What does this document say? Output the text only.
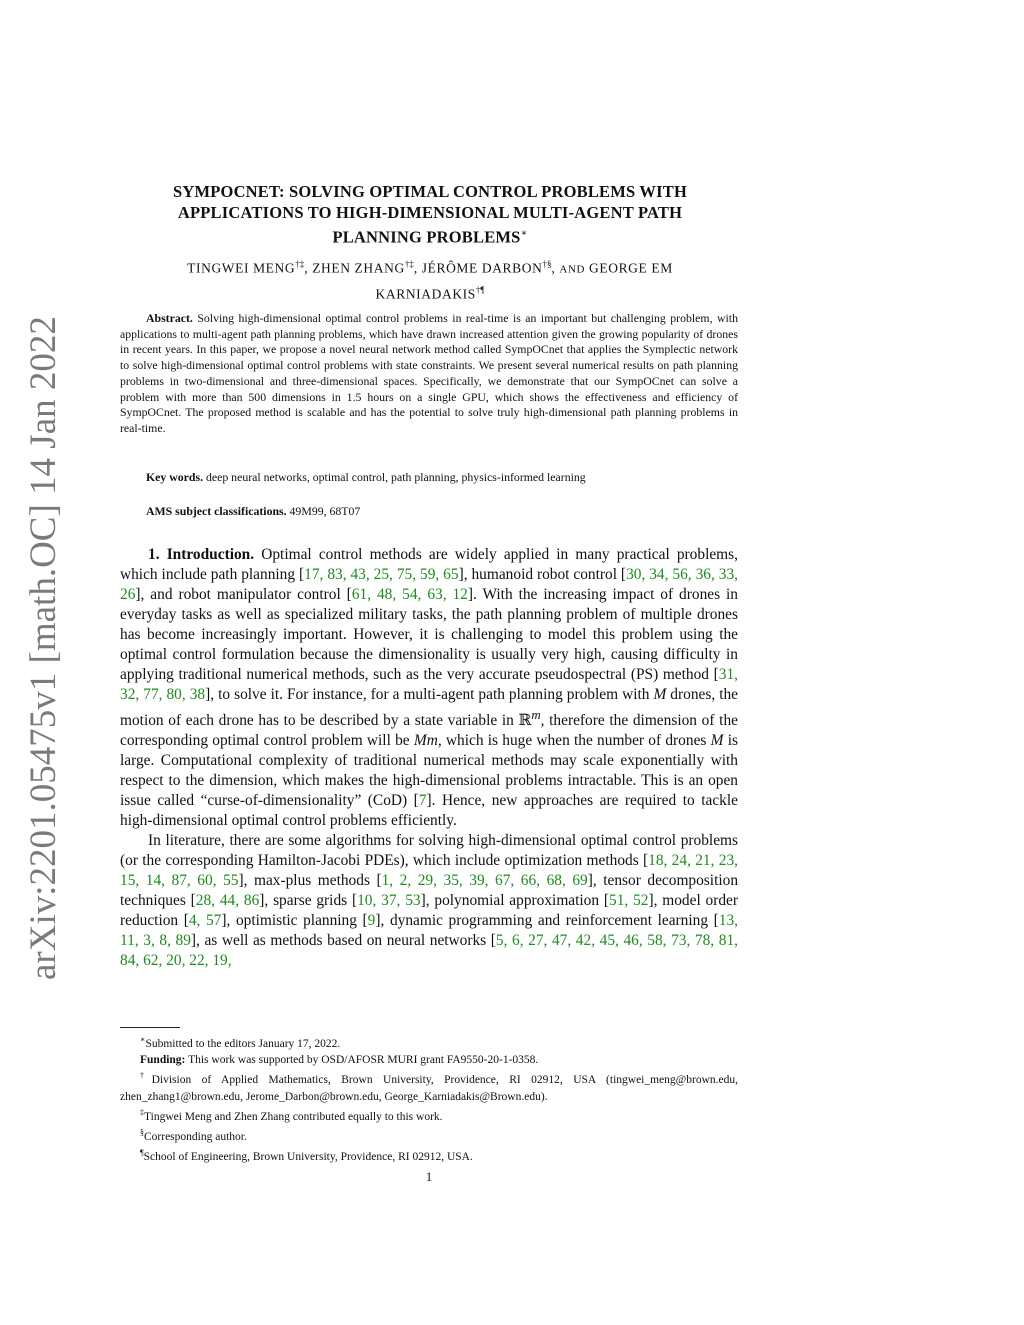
arXiv:2201.05475v1 [math.OC] 14 Jan 2022
SYMPOCNET: SOLVING OPTIMAL CONTROL PROBLEMS WITH
APPLICATIONS TO HIGH-DIMENSIONAL MULTI-AGENT PATH
PLANNING PROBLEMS∗
TINGWEI MENG†‡, ZHEN ZHANG†‡, JÉRÔME DARBON†§, AND GEORGE EM
KARNIADAKIS†¶
Abstract. Solving high-dimensional optimal control problems in real-time is an important but challenging problem, with applications to multi-agent path planning problems, which have drawn increased attention given the growing popularity of drones in recent years. In this paper, we propose a novel neural network method called SympOCnet that applies the Symplectic network to solve high-dimensional optimal control problems with state constraints. We present several numerical results on path planning problems in two-dimensional and three-dimensional spaces. Specifically, we demonstrate that our SympOCnet can solve a problem with more than 500 dimensions in 1.5 hours on a single GPU, which shows the effectiveness and efficiency of SympOCnet. The proposed method is scalable and has the potential to solve truly high-dimensional path planning problems in real-time.
Key words. deep neural networks, optimal control, path planning, physics-informed learning
AMS subject classifications. 49M99, 68T07

1. Introduction. Optimal control methods are widely applied in many practical problems, which include path planning [17, 83, 43, 25, 75, 59, 65], humanoid robot control [30, 34, 56, 36, 33, 26], and robot manipulator control [61, 48, 54, 63, 12]. With the increasing impact of drones in everyday tasks as well as specialized military tasks, the path planning problem of multiple drones has become increasingly important. However, it is challenging to model this problem using the optimal control formulation because the dimensionality is usually very high, causing difficulty in applying traditional numerical methods, such as the very accurate pseudospectral (PS) method [31, 32, 77, 80, 38], to solve it. For instance, for a multi-agent path planning problem with M drones, the motion of each drone has to be described by a state variable in ℝ$^m$, therefore the dimension of the corresponding optimal control problem will be Mm, which is huge when the number of drones M is large. Computational complexity of traditional numerical methods may scale exponentially with respect to the dimension, which makes the high-dimensional problems intractable. This is an open issue called “curse-of-dimensionality” (CoD) [7]. Hence, new approaches are required to tackle high-dimensional optimal control problems efficiently.

In literature, there are some algorithms for solving high-dimensional optimal control problems (or the corresponding Hamilton-Jacobi PDEs), which include optimization methods [18, 24, 21, 23, 15, 14, 87, 60, 55], max-plus methods [1, 2, 29, 35, 39, 67, 66, 68, 69], tensor decomposition techniques [28, 44, 86], sparse grids [10, 37, 53], polynomial approximation [51, 52], model order reduction [4, 57], optimistic planning [9], dynamic programming and reinforcement learning [13, 11, 3, 8, 89], as well as methods based on neural networks [5, 6, 27, 47, 42, 45, 46, 58, 73, 78, 81, 84, 62, 20, 22, 19,

∗Submitted to the editors January 17, 2022.

Funding: This work was supported by OSD/AFOSR MURI grant FA9550-20-1-0358.

†Division of Applied Mathematics, Brown University, Providence, RI 02912, USA (tingwei_meng@brown.edu, zhen_zhang1@brown.edu, Jerome_Darbon@brown.edu, George_Karniadakis@Brown.edu).

‡Tingwei Meng and Zhen Zhang contributed equally to this work.

§Corresponding author.

¶School of Engineering, Brown University, Providence, RI 02912, USA.

1
